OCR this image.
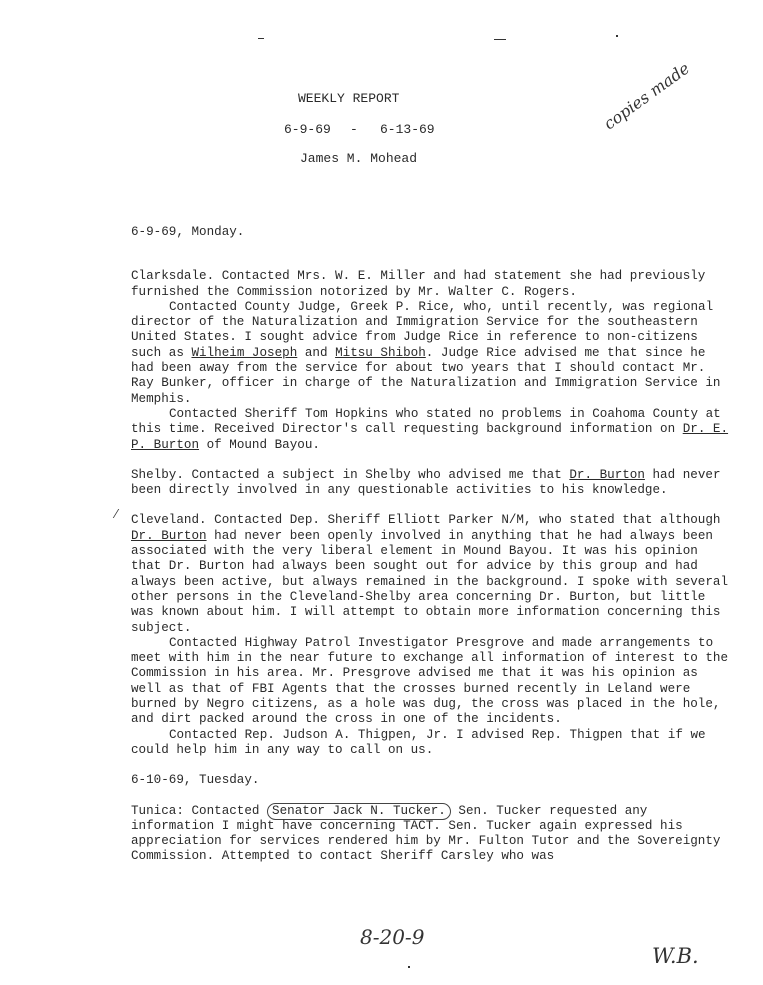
WEEKLY REPORT
6-9-69 - 6-13-69
James M. Mohead
copies made
8-20-9
W.B.
⁄

6-9-69, Monday.

Clarksdale. Contacted Mrs. W. E. Miller and had statement she had previously furnished the Commission notorized by Mr. Walter C. Rogers.

Contacted County Judge, Greek P. Rice, who, until recently, was regional director of the Naturalization and Immigration Service for the southeastern United States. I sought advice from Judge Rice in reference to non-citizens such as Wilheim Joseph and Mitsu Shiboh. Judge Rice advised me that since he had been away from the service for about two years that I should contact Mr. Ray Bunker, officer in charge of the Naturalization and Immigration Service in Memphis.

Contacted Sheriff Tom Hopkins who stated no problems in Coahoma County at this time. Received Director's call requesting background information on Dr. E. P. Burton of Mound Bayou.

Shelby. Contacted a subject in Shelby who advised me that Dr. Burton had never been directly involved in any questionable activities to his knowledge.

Cleveland. Contacted Dep. Sheriff Elliott Parker N/M, who stated that although Dr. Burton had never been openly involved in anything that he had always been associated with the very liberal element in Mound Bayou. It was his opinion that Dr. Burton had always been sought out for advice by this group and had always been active, but always remained in the background. I spoke with several other persons in the Cleveland-Shelby area concerning Dr. Burton, but little was known about him. I will attempt to obtain more information concerning this subject.

Contacted Highway Patrol Investigator Presgrove and made arrangements to meet with him in the near future to exchange all information of interest to the Commission in his area. Mr. Presgrove advised me that it was his opinion as well as that of FBI Agents that the crosses burned recently in Leland were burned by Negro citizens, as a hole was dug, the cross was placed in the hole, and dirt packed around the cross in one of the incidents.

Contacted Rep. Judson A. Thigpen, Jr. I advised Rep. Thigpen that if we could help him in any way to call on us.

6-10-69, Tuesday.

Tunica: Contacted Senator Jack N. Tucker. Sen. Tucker requested any information I might have concerning TACT. Sen. Tucker again expressed his appreciation for services rendered him by Mr. Fulton Tutor and the Sovereignty Commission. Attempted to contact Sheriff Carsley who was
